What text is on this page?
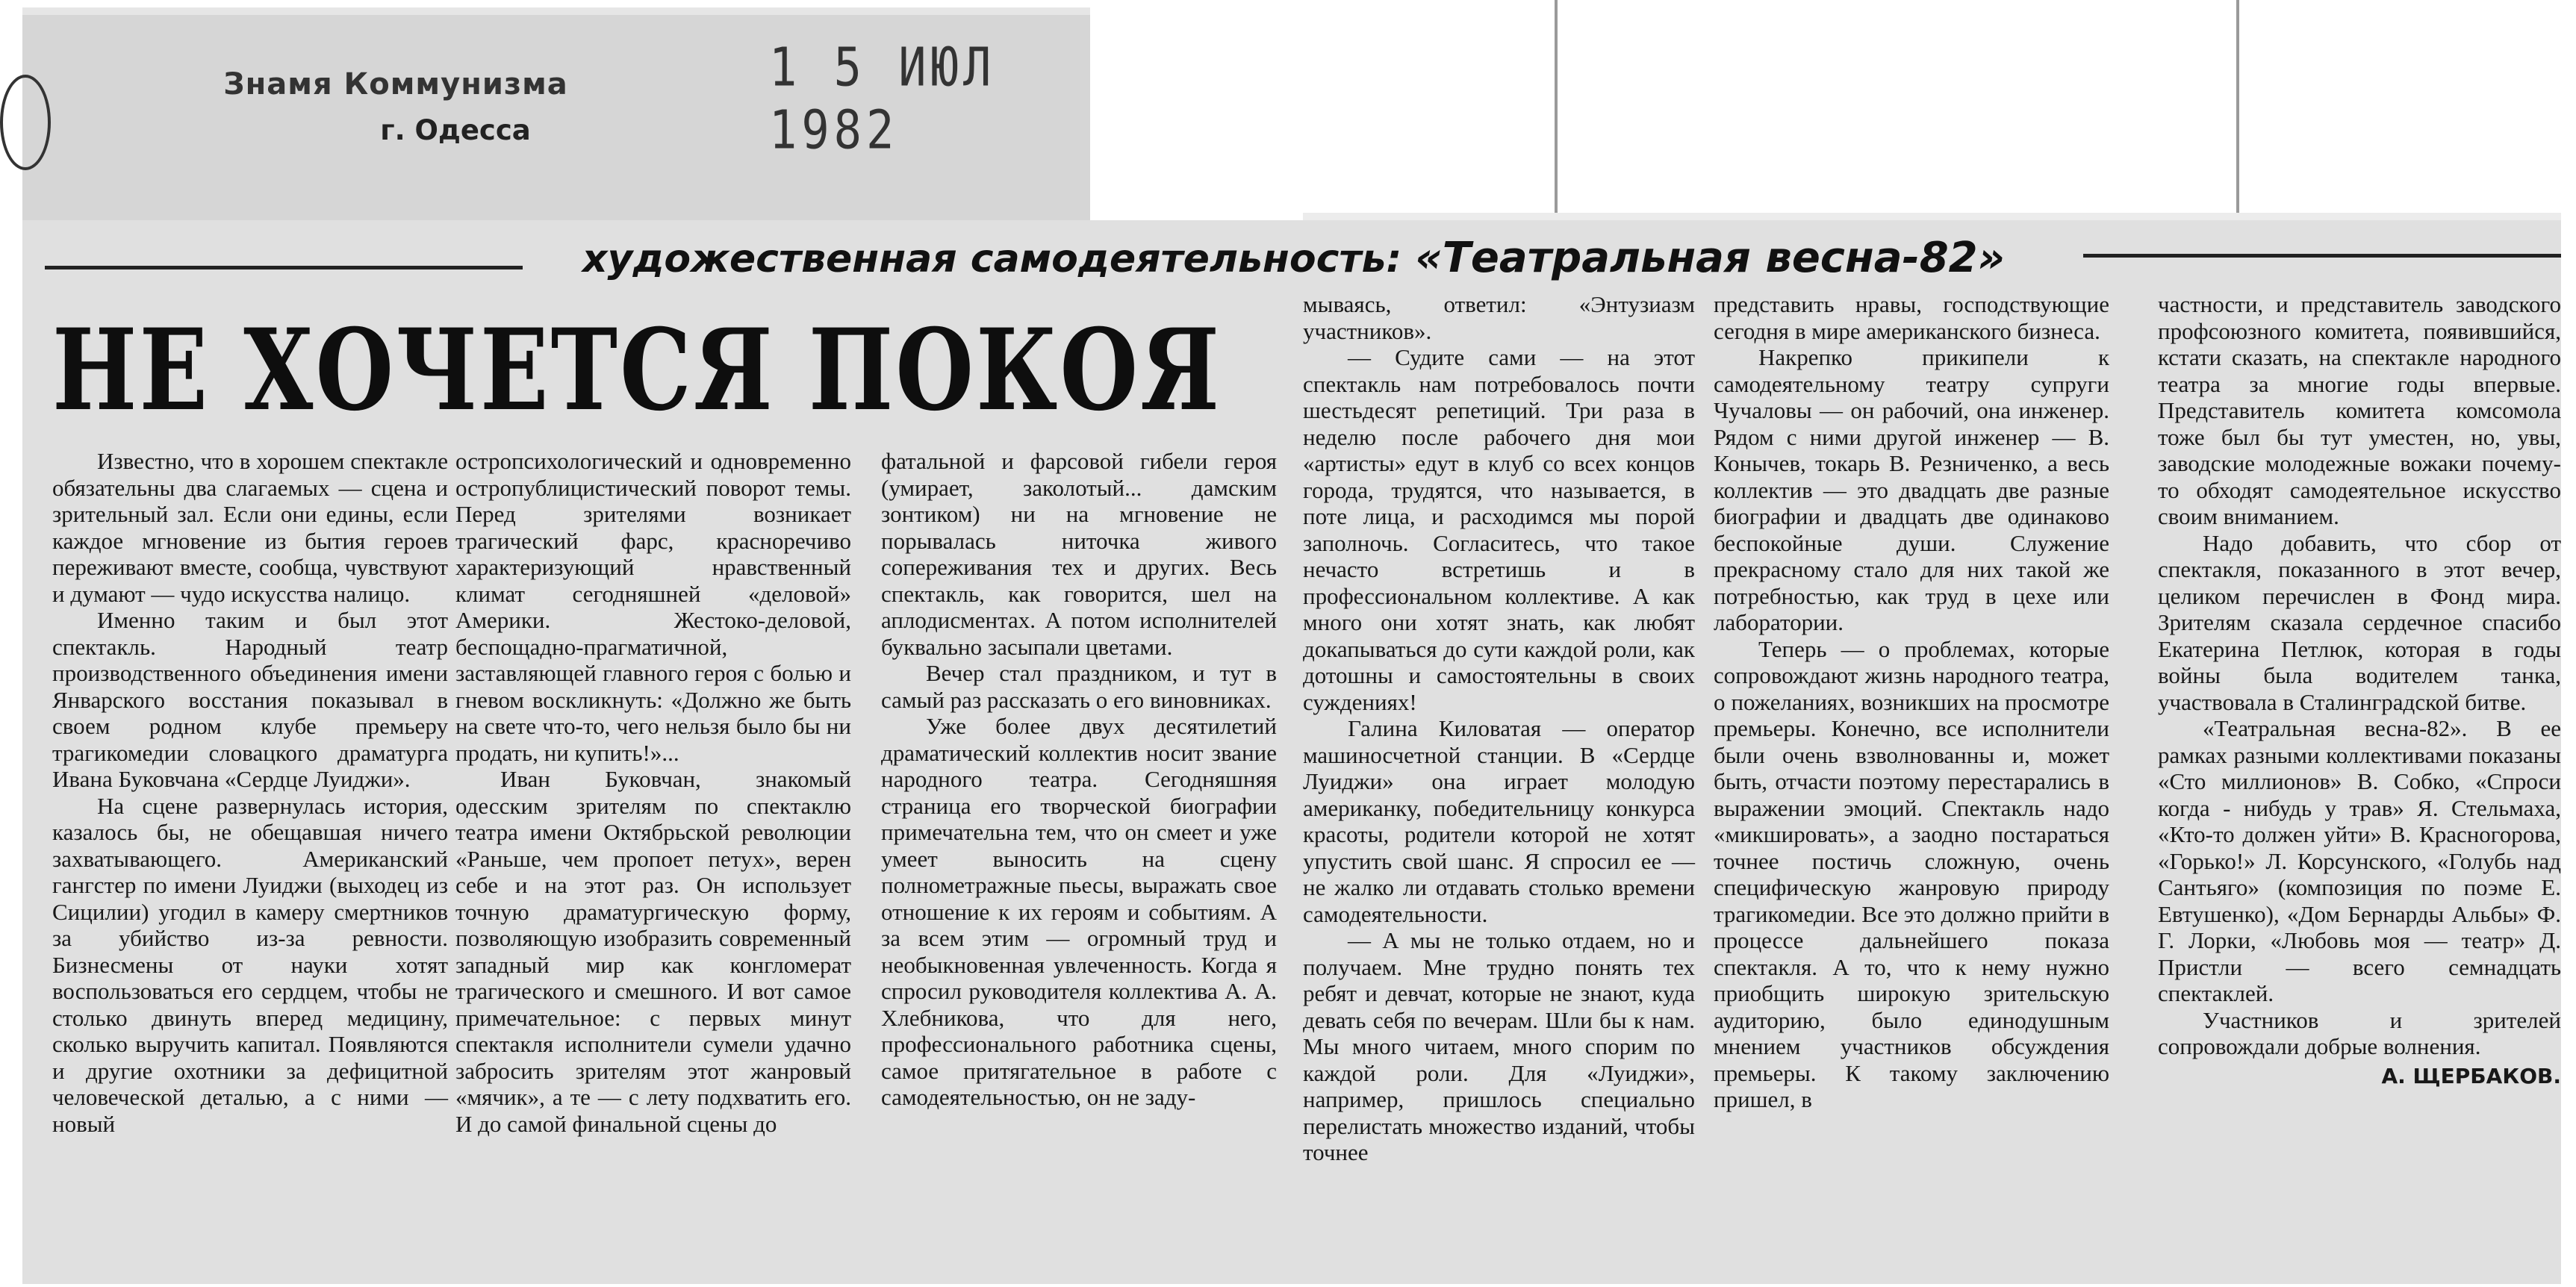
Знамя Коммунизма
г. Одесса
1 5 ИЮЛ 1982
художественная самодеятельность: «Театральная весна-82»
НЕ ХОЧЕТСЯ ПОКОЯ

Известно, что в хорошем спектакле обязательны два слагаемых — сцена и зрительный зал. Если они едины, если каждое мгновение из бытия героев переживают вместе, сообща, чувствуют и думают — чудо искусства налицо.

Именно таким и был этот спектакль. Народный театр производственного объединения имени Январского восстания показывал в своем родном клубе премьеру трагикомедии словацкого драматурга Ивана Буковчана «Сердце Луиджи».

На сцене развернулась история, казалось бы, не обещавшая ничего захватывающего. Американский гангстер по имени Луиджи (выходец из Сицилии) угодил в камеру смертников за убийство из-за ревности. Бизнесмены от науки хотят воспользоваться его сердцем, чтобы не столько двинуть вперед медицину, сколько выручить капитал. Появляются и другие охотники за дефицитной человеческой деталью, а с ними — новый

остропсихологический и одновременно остропублицистический поворот темы. Перед зрителями возникает трагический фарс, красноречиво характеризующий нравственный климат сегодняшней «деловой» Америки. Жестоко-деловой, беспощадно-прагматичной, заставляющей главного героя с болью и гневом воскликнуть: «Должно же быть на свете что-то, чего нельзя было бы ни продать, ни купить!»...

Иван Буковчан, знакомый одесским зрителям по спектаклю театра имени Октябрьской революции «Раньше, чем пропоет петух», верен себе и на этот раз. Он использует точную драматургическую форму, позволяющую изобразить современный западный мир как конгломерат трагического и смешного. И вот самое примечательное: с первых минут спектакля исполнители сумели удачно забросить зрителям этот жанровый «мячик», а тe — с лету подхватить его. И до самой финальной сцены до

фатальной и фарсовой гибели героя (умирает, заколотый... дамским зонтиком) ни на мгновение не порывалась ниточка живого сопереживания тех и других. Весь спектакль, как говорится, шел на аплодисментах. А потом исполнителей буквально засыпали цветами.

Вечер стал праздником, и тут в самый раз рассказать о его виновниках.

Уже более двух десятилетий драматический коллектив носит звание народного театра. Сегодняшняя страница его творческой биографии примечательна тем, что он смеет и уже умеет выносить на сцену полнометражные пьесы, выражать свое отношение к их героям и событиям. А за всем этим — огромный труд и необыкновенная увлеченность. Когда я спросил руководителя коллектива А. А. Хлебникова, что для него, профессионального работника сцены, самое притягательное в работе с самодеятельностью, он не заду-

мываясь, ответил: «Энтузиазм участников».

— Судите сами — на этот спектакль нам потребовалось почти шестьдесят репетиций. Три раза в неделю после рабочего дня мои «артисты» едут в клуб со всех концов города, трудятся, что называется, в поте лица, и расходимся мы порой заполночь. Согласитесь, что такое нечасто встретишь и в профессиональном коллективе. А как много они хотят знать, как любят докапываться до сути каждой роли, как дотошны и самостоятельны в своих суждениях!

Галина Киловатая — оператор машиносчетной станции. В «Сердце Луиджи» она играет молодую американку, победительницу конкурса красоты, родители которой не хотят упустить свой шанс. Я спросил ее — не жалко ли отдавать столько времени самодеятельности.

— А мы не только отдаем, но и получаем. Мне трудно понять тех ребят и девчат, которые не знают, куда девать себя по вечерам. Шли бы к нам. Мы много читаем, много спорим по каждой роли. Для «Луиджи», например, пришлось специально перелистать множество изданий, чтобы точнее

представить нравы, господствующие сегодня в мире американского бизнеса.

Накрепко прикипели к самодеятельному театру супруги Чучаловы — он рабочий, она инженер. Рядом с ними другой инженер — В. Конычев, токарь В. Резниченко, а весь коллектив — это двадцать две разные биографии и двадцать две одинаково беспокойные души. Служение прекрасному стало для них такой же потребностью, как труд в цехе или лаборатории.

Теперь — о проблемах, которые сопровождают жизнь народного театра, о пожеланиях, возникших на просмотре премьеры. Конечно, все исполнители были очень взволнованны и, может быть, отчасти поэтому перестарались в выражении эмоций. Спектакль надо «микшировать», а заодно постараться точнее постичь сложную, очень специфическую жанровую природу трагикомедии. Все это должно прийти в процессе дальнейшего показа спектакля. А то, что к нему нужно приобщить широкую зрительскую аудиторию, было единодушным мнением участников обсуждения премьеры. К такому заключению пришел, в

частности, и представитель заводского профсоюзного комитета, появившийся, кстати сказать, на спектакле народного театра за многие годы впервые. Представитель комитета комсомола тоже был бы тут уместен, но, увы, заводские молодежные вожаки почему-то обходят самодеятельное искусство своим вниманием.

Надо добавить, что сбор от спектакля, показанного в этот вечер, целиком перечислен в Фонд мира. Зрителям сказала сердечное спасибо Екатерина Петлюк, которая в годы войны была водителем танка, участвовала в Сталинградской битве.

«Театральная весна-82». В ее рамках разными коллективами показаны «Сто миллионов» В. Собко, «Спроси когда - нибудь у трав» Я. Стельмаха, «Кто-то должен уйти» В. Красногорова, «Горько!» Л. Корсунского, «Голубь над Сантьяго» (композиция по поэме Е. Евтушенко), «Дом Бернарды Альбы» Ф. Г. Лорки, «Любовь моя — театр» Д. Пристли — всего семнадцать спектаклей.

Участников и зрителей сопровождали добрые волнения.

А. ЩЕРБАКОВ.
